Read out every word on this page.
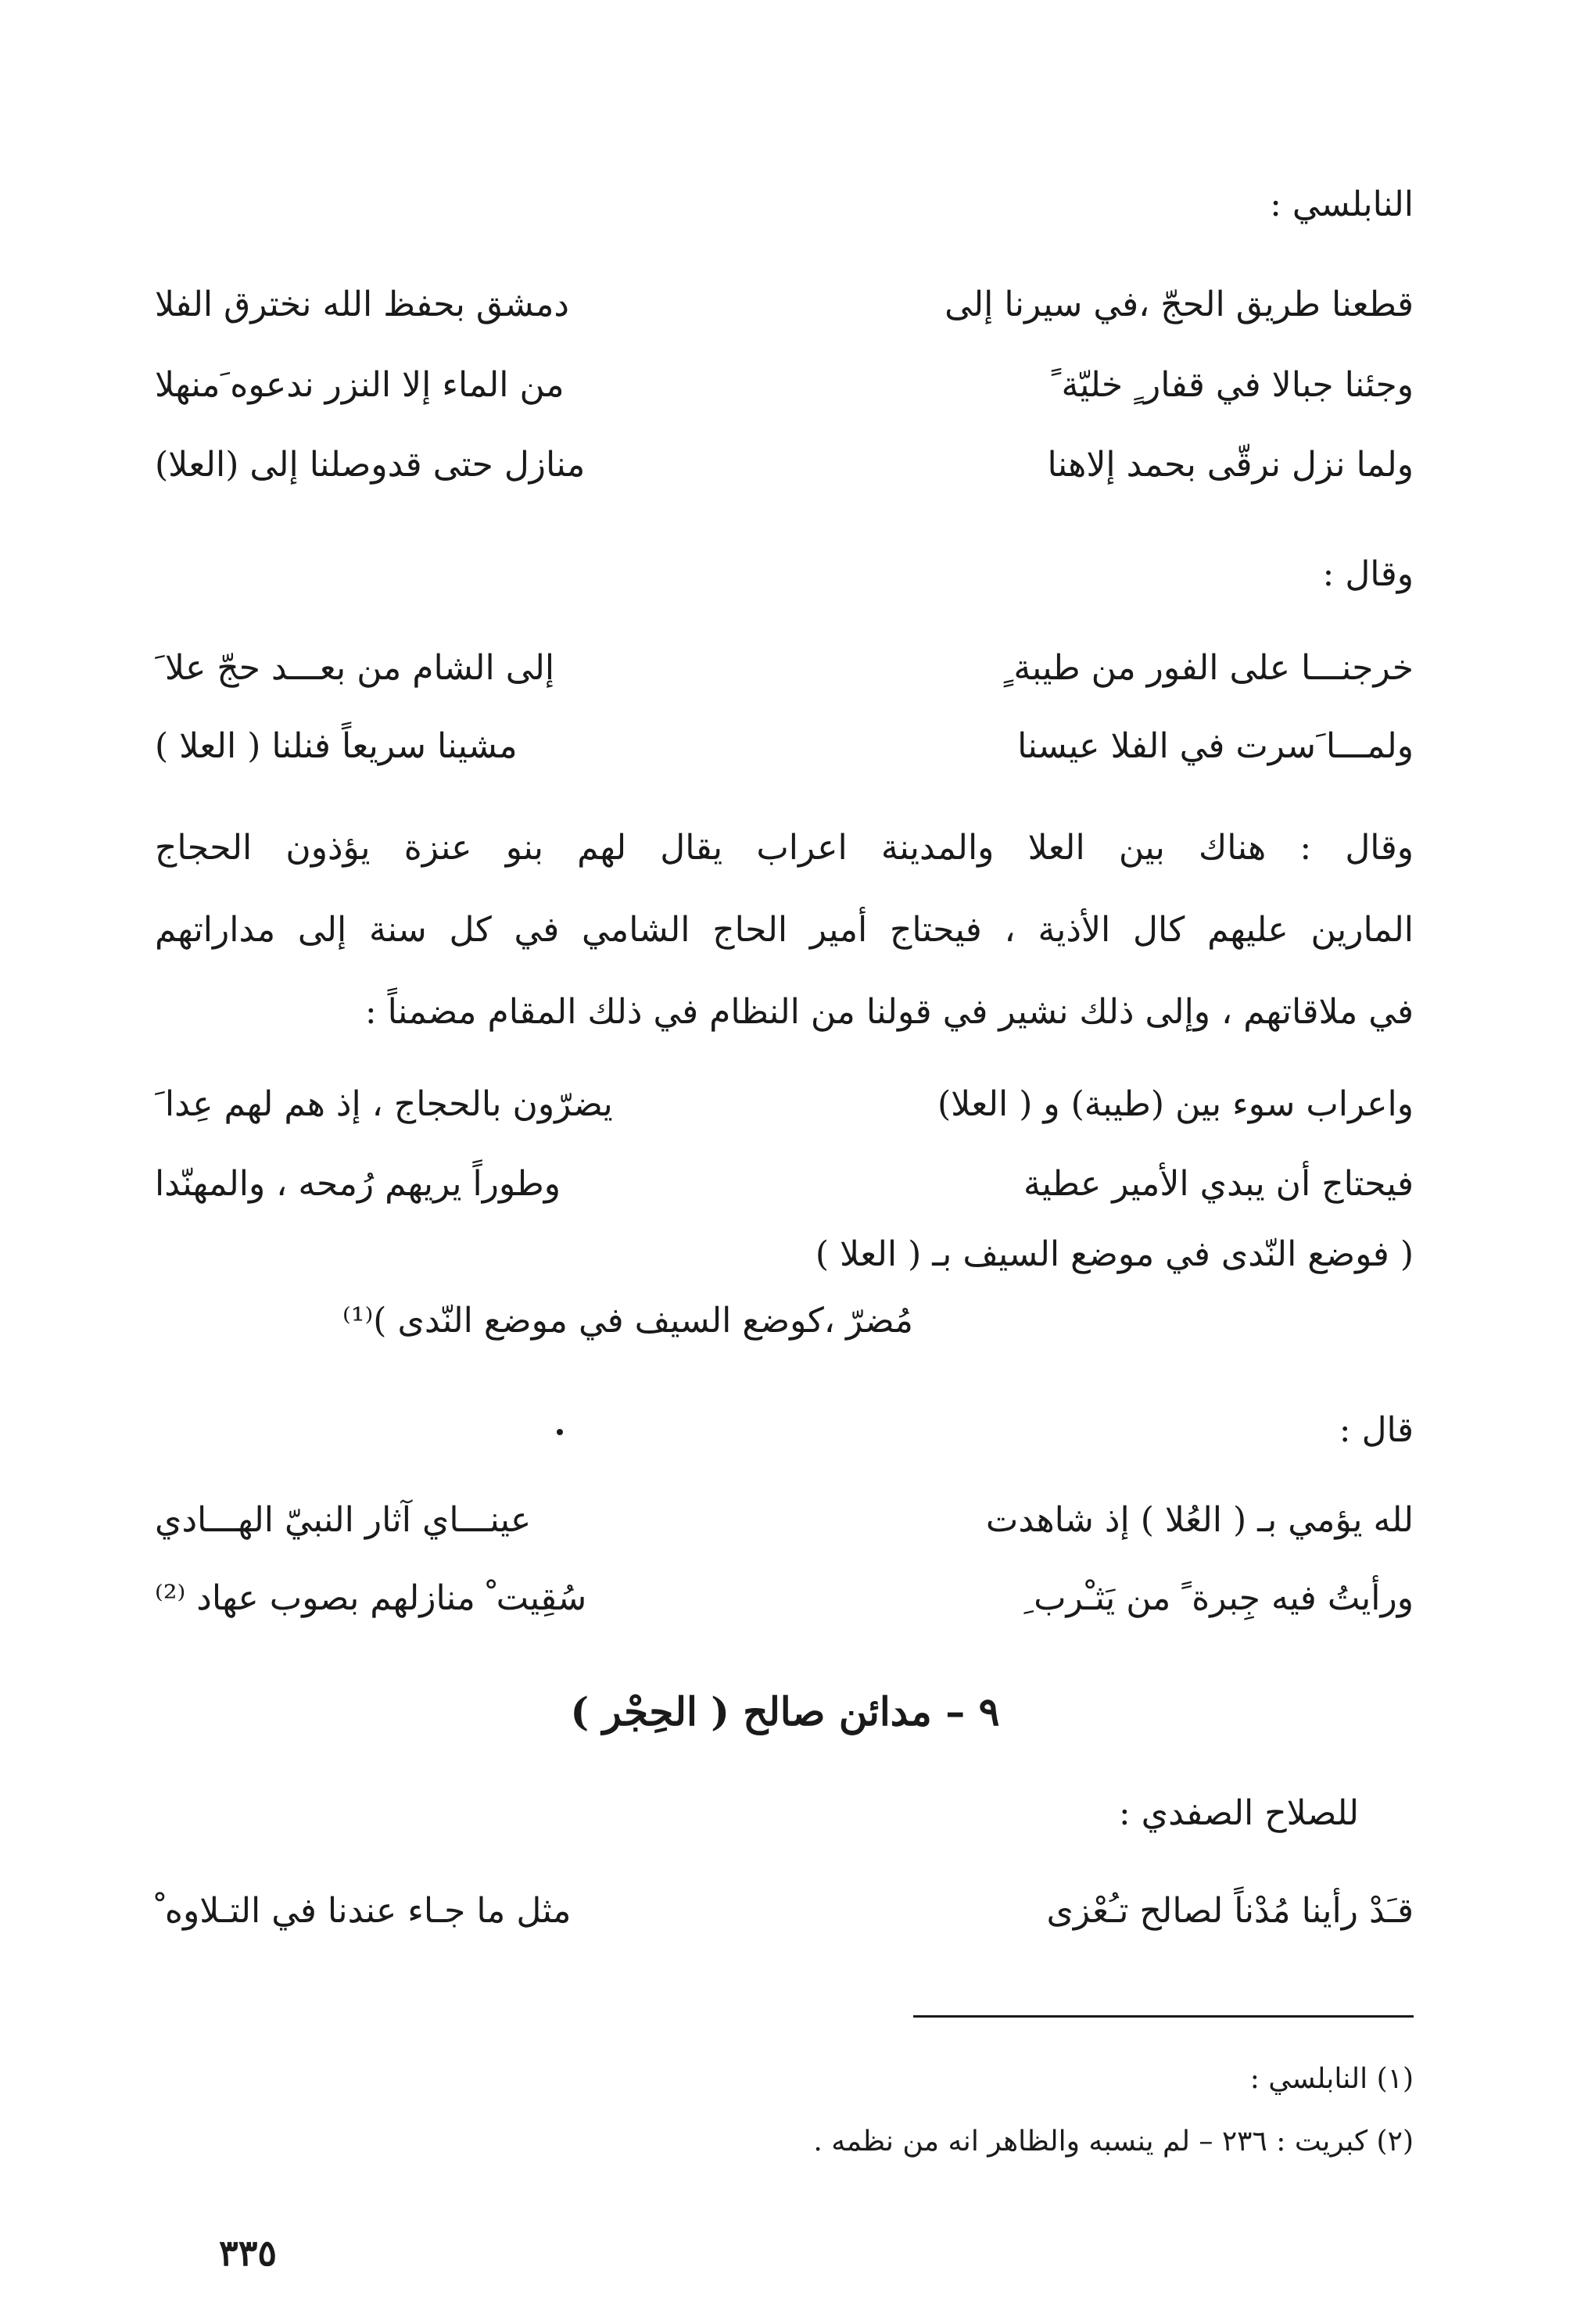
النابلسي :
قطعنا طريق الحجّ ،في سيرنا إلى
دمشق بحفظ الله نخترق الفلا
وجئنا جبالا في قفار ٍ خليّة ً
من الماء إلا النزر ندعوه َمنهلا
ولما نزل نرقّى بحمد إلاهنا
منازل حتى قدوصلنا إلى (العلا)
وقال :
خرجنـــا على الفور من طيبة ٍ
إلى الشام من بعـــد حجّ علا َ
ولمـــا َسرت في الفلا عيسنا
مشينا سريعاً فنلنا ( العلا )
وقال : هناك بين العلا والمدينة اعراب يقال لهم بنو عنزة يؤذون الحجاج
المارين عليهم كال الأذية ، فيحتاج أمير الحاج الشامي في كل سنة إلى مداراتهم
في ملاقاتهم ، وإلى ذلك نشير في قولنا من النظام في ذلك المقام مضمناً :
واعراب سوء بين (طيبة) و ( العلا)
يضرّون بالحجاج ، إذ هم لهم عِدا َ
فيحتاج أن يبدي الأمير عطية
وطوراً يريهم رُمحه ، والمهنّدا
( فوضع النّدى في موضع السيف بـ ( العلا )
مُضرّ ،كوضع السيف في موضع النّدى )⁽¹⁾
قال :
لله يؤمي بـ ( العُلا ) إذ شاهدت
عينـــاي آثار النبيّ الهـــادي
ورأيتُ فيه جِبرة ً من يَثـْرب ِ
سُقِيت ْ منازلهم بصوب عهاد ⁽²⁾
٩ – مدائن صالح ( الحِجْر )
للصلاح الصفدي :
قـَدْ رأينا مُدْناً لصالح تـُعْزى
مثل ما جـاء عندنا في التـلاوه ْ
(١) النابلسي :
(٢) كبريت : ٢٣٦ – لم ينسبه والظاهر انه من نظمه .
٣٣٥
